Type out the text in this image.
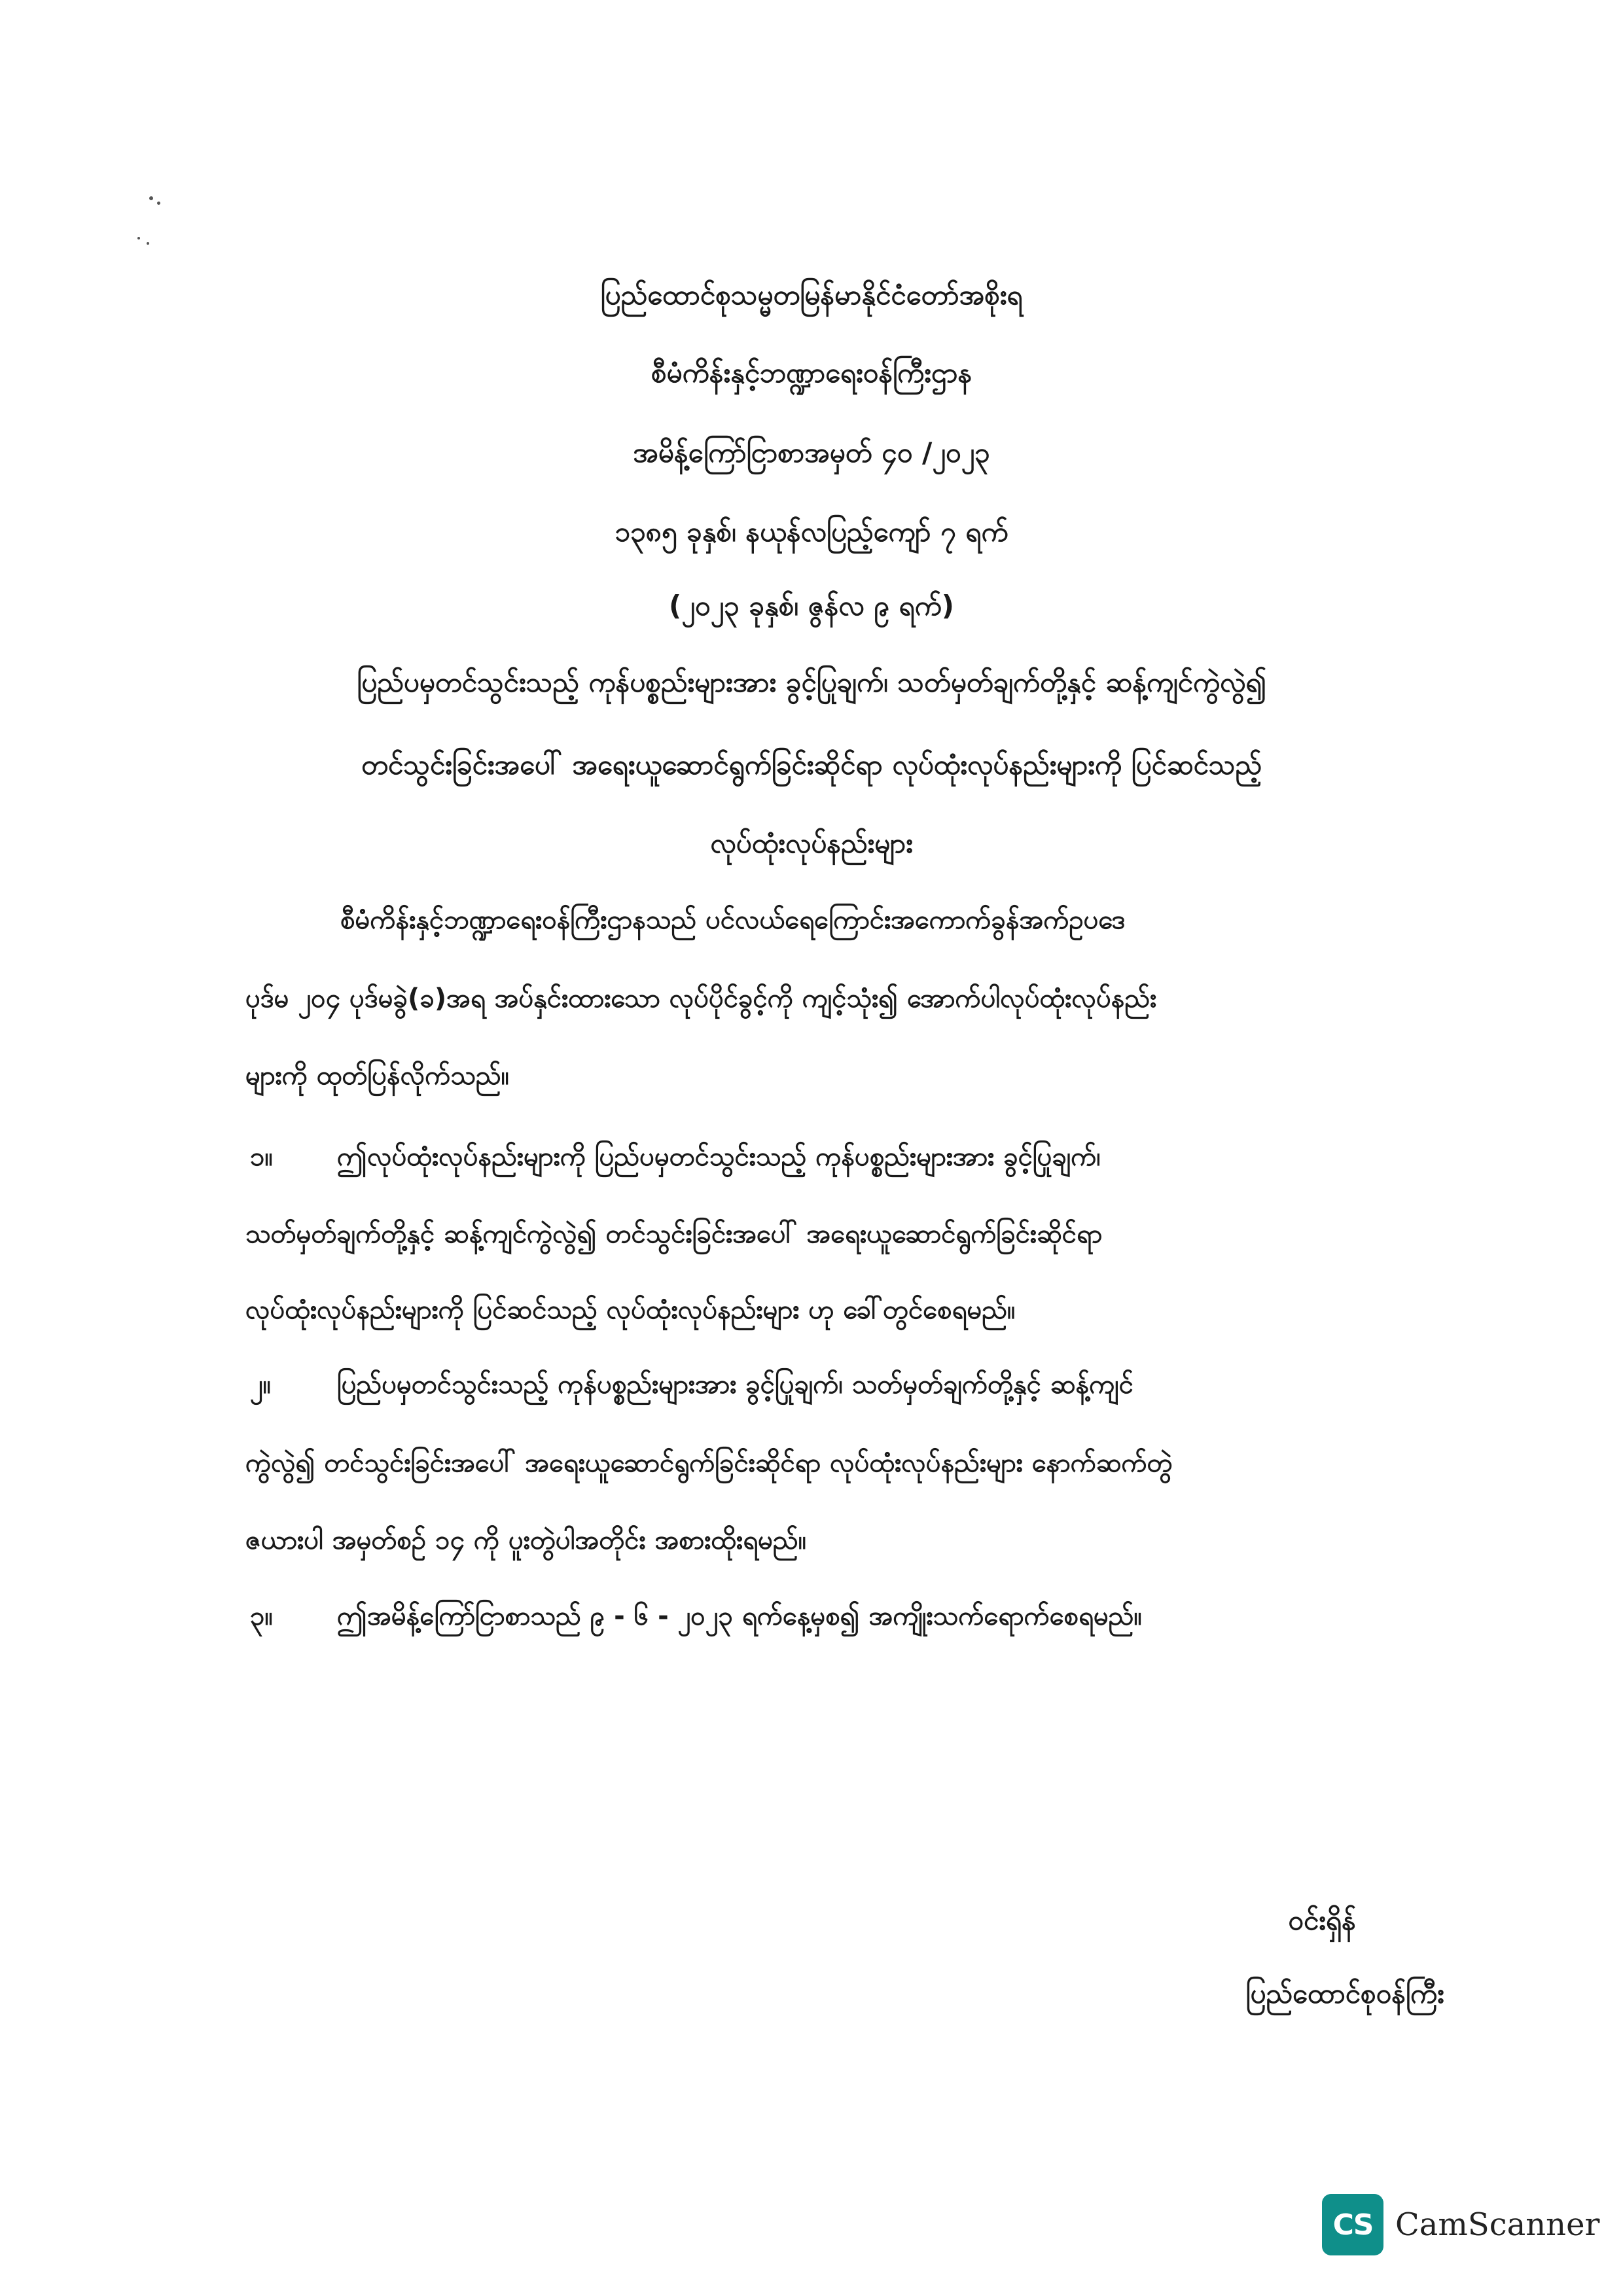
ပြည်ထောင်စုသမ္မတမြန်မာနိုင်ငံတော်အစိုးရ
စီမံကိန်းနှင့်ဘဏ္ဍာရေးဝန်ကြီးဌာန
အမိန့်ကြော်ငြာစာအမှတ် ၄၀ /၂၀၂၃
၁၃၈၅ ခုနှစ်၊ နယုန်လပြည့်ကျော် ၇ ရက်
(၂၀၂၃ ခုနှစ်၊ ဇွန်လ ၉ ရက်)
ပြည်ပမှတင်သွင်းသည့် ကုန်ပစ္စည်းများအား ခွင့်ပြုချက်၊ သတ်မှတ်ချက်တို့နှင့် ဆန့်ကျင်ကွဲလွဲ၍
တင်သွင်းခြင်းအပေါ် အရေးယူဆောင်ရွက်ခြင်းဆိုင်ရာ လုပ်ထုံးလုပ်နည်းများကို ပြင်ဆင်သည့်
လုပ်ထုံးလုပ်နည်းများ
စီမံကိန်းနှင့်ဘဏ္ဍာရေးဝန်ကြီးဌာနသည် ပင်လယ်ရေကြောင်းအကောက်ခွန်အက်ဥပဒေ
ပုဒ်မ ၂၀၄ ပုဒ်မခွဲ(ခ)အရ အပ်နှင်းထားသော လုပ်ပိုင်ခွင့်ကို ကျင့်သုံး၍ အောက်ပါလုပ်ထုံးလုပ်နည်း
များကို ထုတ်ပြန်လိုက်သည်။
၁။ ဤလုပ်ထုံးလုပ်နည်းများကို ပြည်ပမှတင်သွင်းသည့် ကုန်ပစ္စည်းများအား ခွင့်ပြုချက်၊
သတ်မှတ်ချက်တို့နှင့် ဆန့်ကျင်ကွဲလွဲ၍ တင်သွင်းခြင်းအပေါ် အရေးယူဆောင်ရွက်ခြင်းဆိုင်ရာ
လုပ်ထုံးလုပ်နည်းများကို ပြင်ဆင်သည့် လုပ်ထုံးလုပ်နည်းများ ဟု ခေါ်တွင်စေရမည်။
၂။	ပြည်ပမှတင်သွင်းသည့် ကုန်ပစ္စည်းများအား ခွင့်ပြုချက်၊ သတ်မှတ်ချက်တို့နှင့် ဆန့်ကျင်
ကွဲလွဲ၍ တင်သွင်းခြင်းအပေါ် အရေးယူဆောင်ရွက်ခြင်းဆိုင်ရာ လုပ်ထုံးလုပ်နည်းများ နောက်ဆက်တွဲ
ဇယားပါ အမှတ်စဉ် ၁၄ ကို ပူးတွဲပါအတိုင်း အစားထိုးရမည်။
၃။ ဤအမိန့်ကြော်ငြာစာသည် ၉ - ၆ - ၂၀၂၃ ရက်နေ့မှစ၍ အကျိုးသက်ရောက်စေရမည်။
ဝင်းရှိန်
ပြည်ထောင်စုဝန်ကြီး
CS CamScanner
